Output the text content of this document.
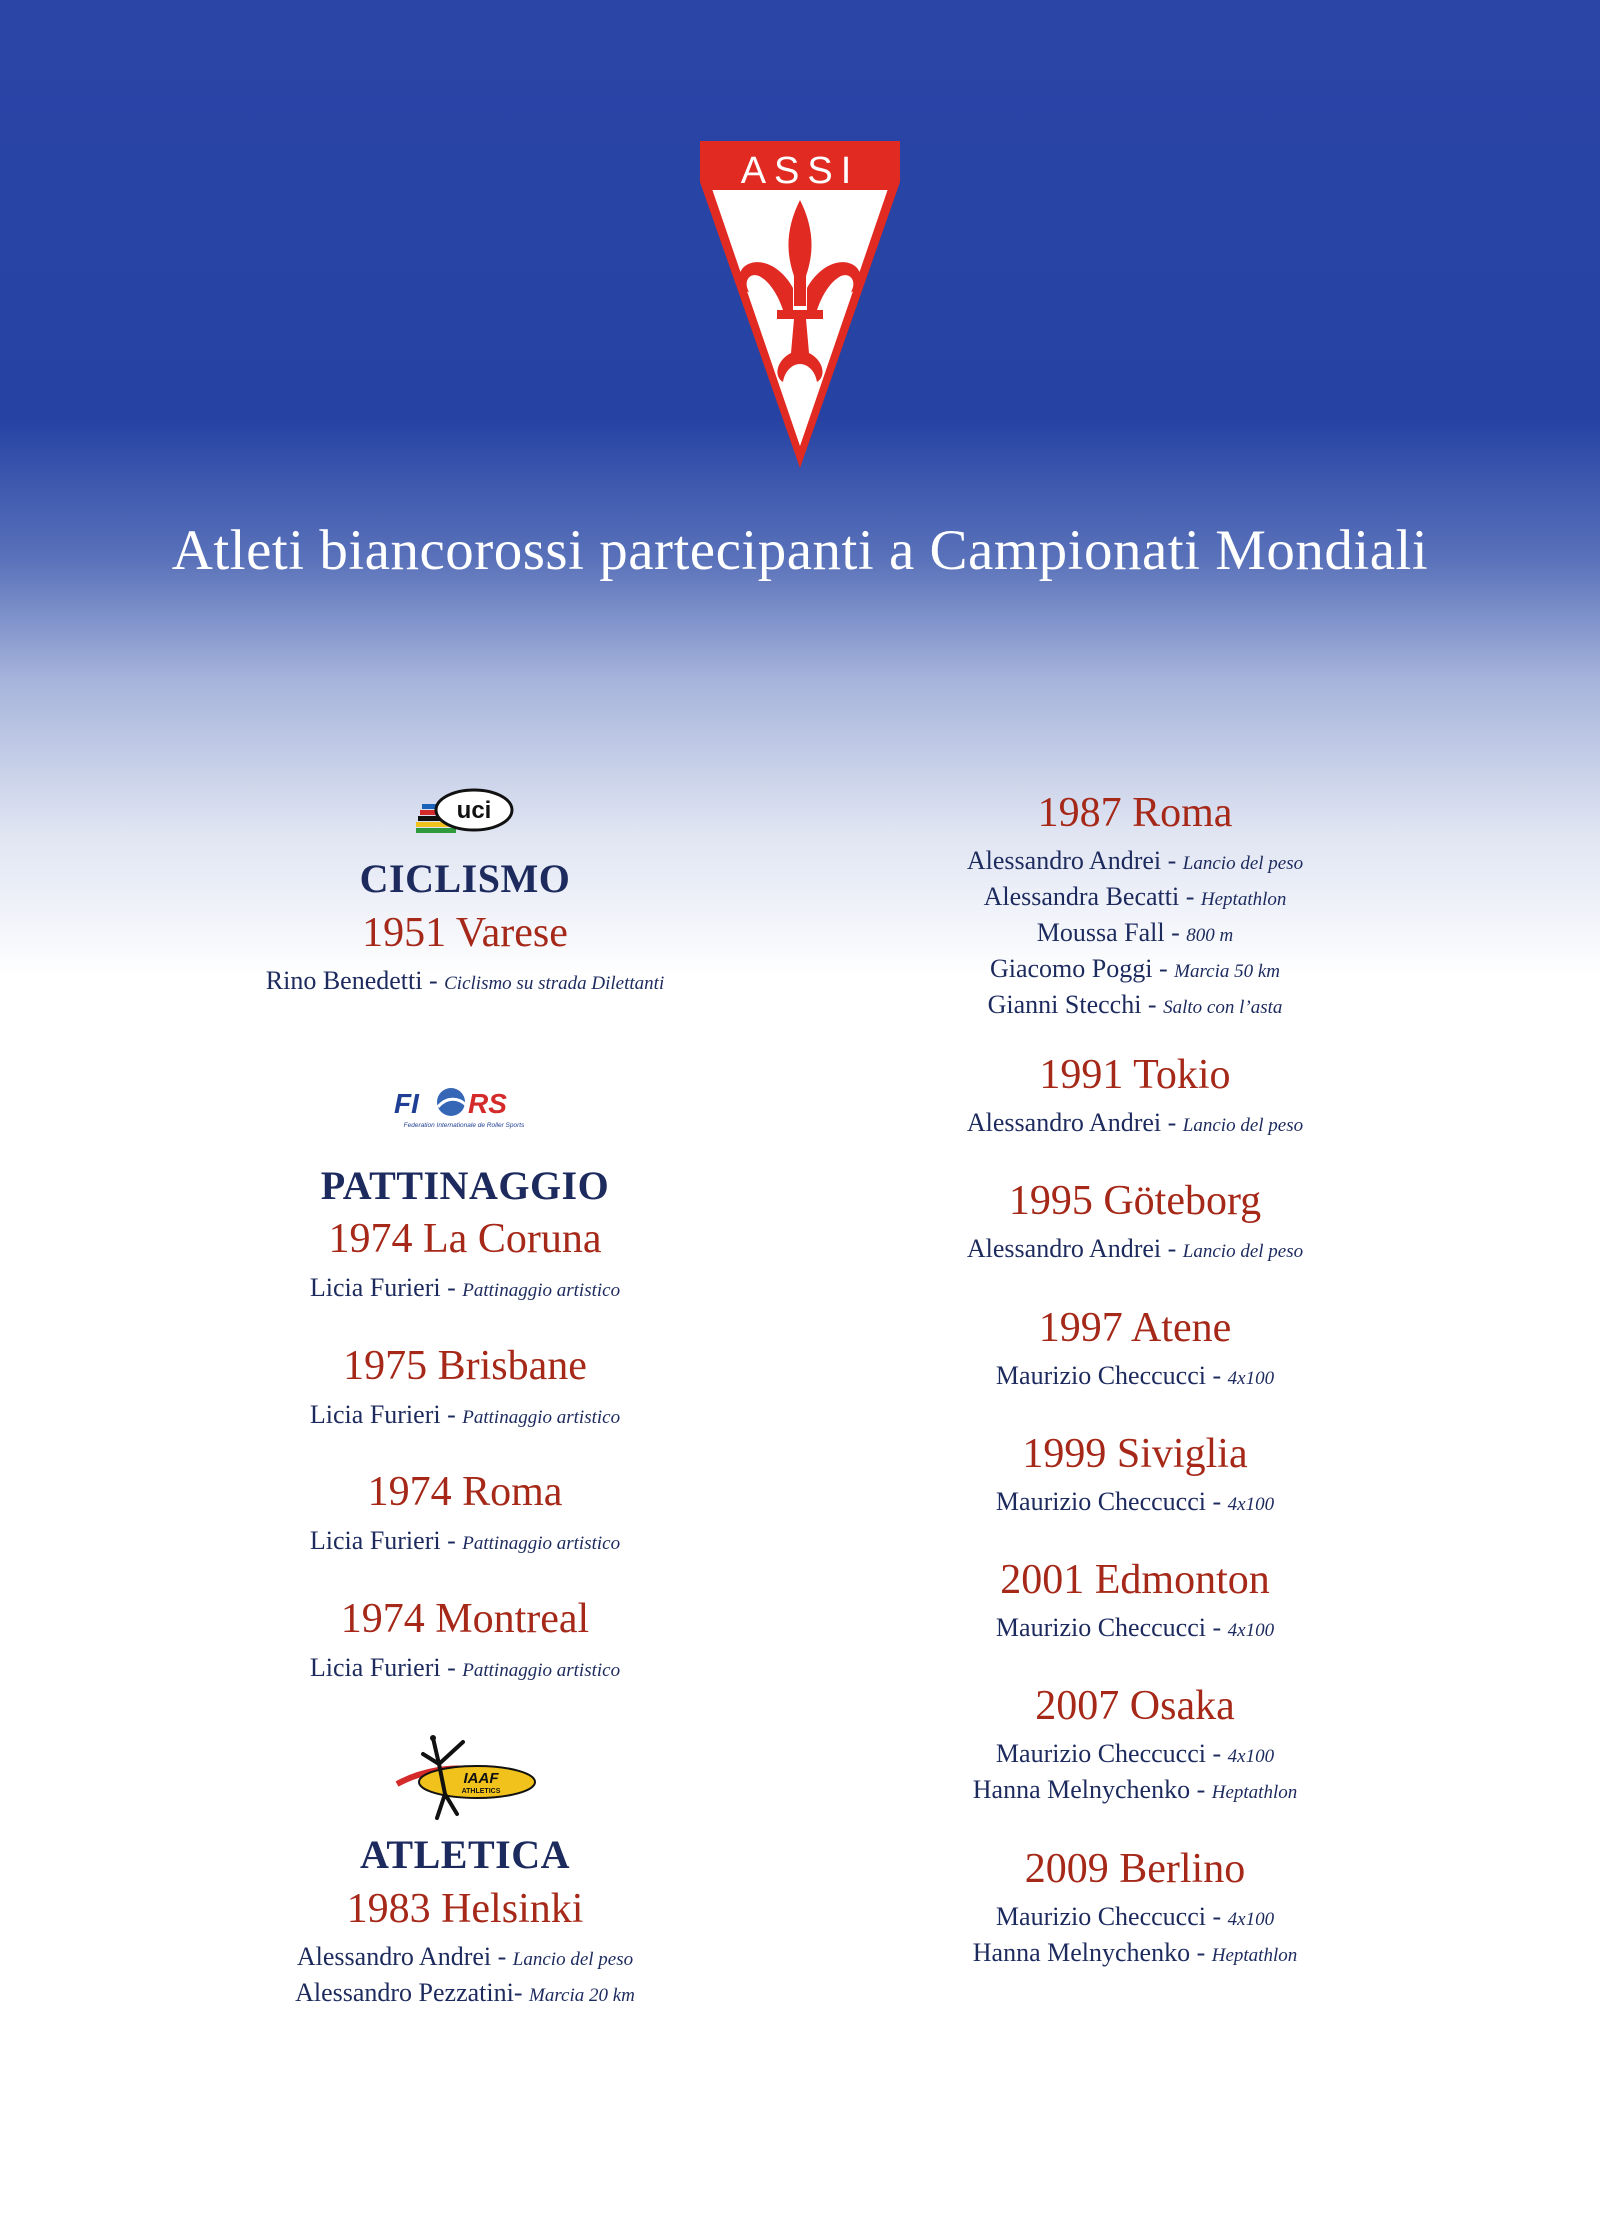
ASSI
Atleti biancorossi partecipanti a Campionati Mondiali
uci
CICLISMO
1951 Varese
Rino Benedetti - Ciclismo su strada Dilettanti
FI RS
Federation Internationale de Roller Sports
PATTINAGGIO
1974 La Coruna
Licia Furieri - Pattinaggio artistico
1975 Brisbane
Licia Furieri - Pattinaggio artistico
1974 Roma
Licia Furieri - Pattinaggio artistico
1974 Montreal
Licia Furieri - Pattinaggio artistico
IAAF
ATHLETICS
ATLETICA
1983 Helsinki
Alessandro Andrei - Lancio del peso
Alessandro Pezzatini- Marcia 20 km
1987 Roma
Alessandro Andrei - Lancio del peso
Alessandra Becatti - Heptathlon
Moussa Fall - 800 m
Giacomo Poggi - Marcia 50 km
Gianni Stecchi - Salto con l’asta
1991 Tokio
Alessandro Andrei - Lancio del peso
1995 Göteborg
Alessandro Andrei - Lancio del peso
1997 Atene
Maurizio Checcucci - 4x100
1999 Siviglia
Maurizio Checcucci - 4x100
2001 Edmonton
Maurizio Checcucci - 4x100
2007 Osaka
Maurizio Checcucci - 4x100
Hanna Melnychenko - Heptathlon
2009 Berlino
Maurizio Checcucci - 4x100
Hanna Melnychenko - Heptathlon
